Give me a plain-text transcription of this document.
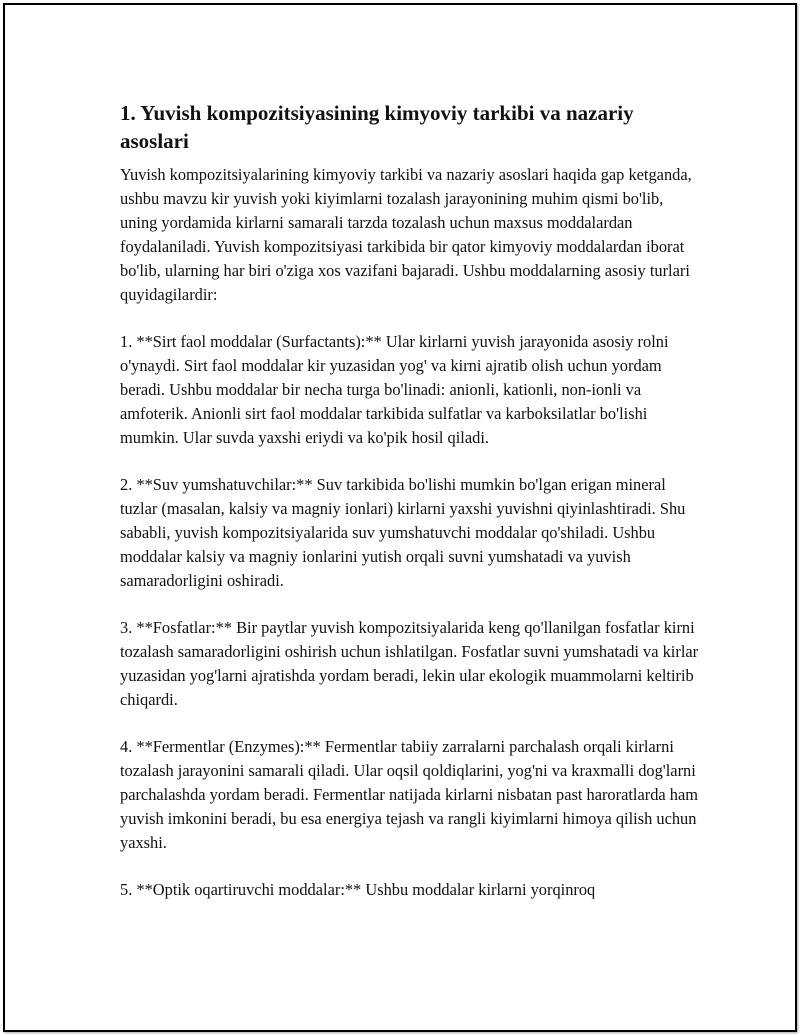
1. Yuvish kompozitsiyasining kimyoviy tarkibi va nazariy asoslari

Yuvish kompozitsiyalarining kimyoviy tarkibi va nazariy asoslari haqida gap ketganda, ushbu mavzu kir yuvish yoki kiyimlarni tozalash jarayonining muhim qismi bo'lib, uning yordamida kirlarni samarali tarzda tozalash uchun maxsus moddalardan foydalaniladi. Yuvish kompozitsiyasi tarkibida bir qator kimyoviy moddalardan iborat bo'lib, ularning har biri o'ziga xos vazifani bajaradi. Ushbu moddalarning asosiy turlari quyidagilardir:

1. **Sirt faol moddalar (Surfactants):** Ular kirlarni yuvish jarayonida asosiy rolni o'ynaydi. Sirt faol moddalar kir yuzasidan yog' va kirni ajratib olish uchun yordam beradi. Ushbu moddalar bir necha turga bo'linadi: anionli, kationli, non-ionli va amfoterik. Anionli sirt faol moddalar tarkibida sulfatlar va karboksilatlar bo'lishi mumkin. Ular suvda yaxshi eriydi va ko'pik hosil qiladi.

2. **Suv yumshatuvchilar:** Suv tarkibida bo'lishi mumkin bo'lgan erigan mineral tuzlar (masalan, kalsiy va magniy ionlari) kirlarni yaxshi yuvishni qiyinlashtiradi. Shu sababli, yuvish kompozitsiyalarida suv yumshatuvchi moddalar qo'shiladi. Ushbu moddalar kalsiy va magniy ionlarini yutish orqali suvni yumshatadi va yuvish samaradorligini oshiradi.

3. **Fosfatlar:** Bir paytlar yuvish kompozitsiyalarida keng qo'llanilgan fosfatlar kirni tozalash samaradorligini oshirish uchun ishlatilgan. Fosfatlar suvni yumshatadi va kirlar yuzasidan yog'larni ajratishda yordam beradi, lekin ular ekologik muammolarni keltirib chiqardi.

4. **Fermentlar (Enzymes):** Fermentlar tabiiy zarralarni parchalash orqali kirlarni tozalash jarayonini samarali qiladi. Ular oqsil qoldiqlarini, yog'ni va kraxmalli dog'larni parchalashda yordam beradi. Fermentlar natijada kirlarni nisbatan past haroratlarda ham yuvish imkonini beradi, bu esa energiya tejash va rangli kiyimlarni himoya qilish uchun yaxshi.

5. **Optik oqartiruvchi moddalar:** Ushbu moddalar kirlarni yorqinroq
